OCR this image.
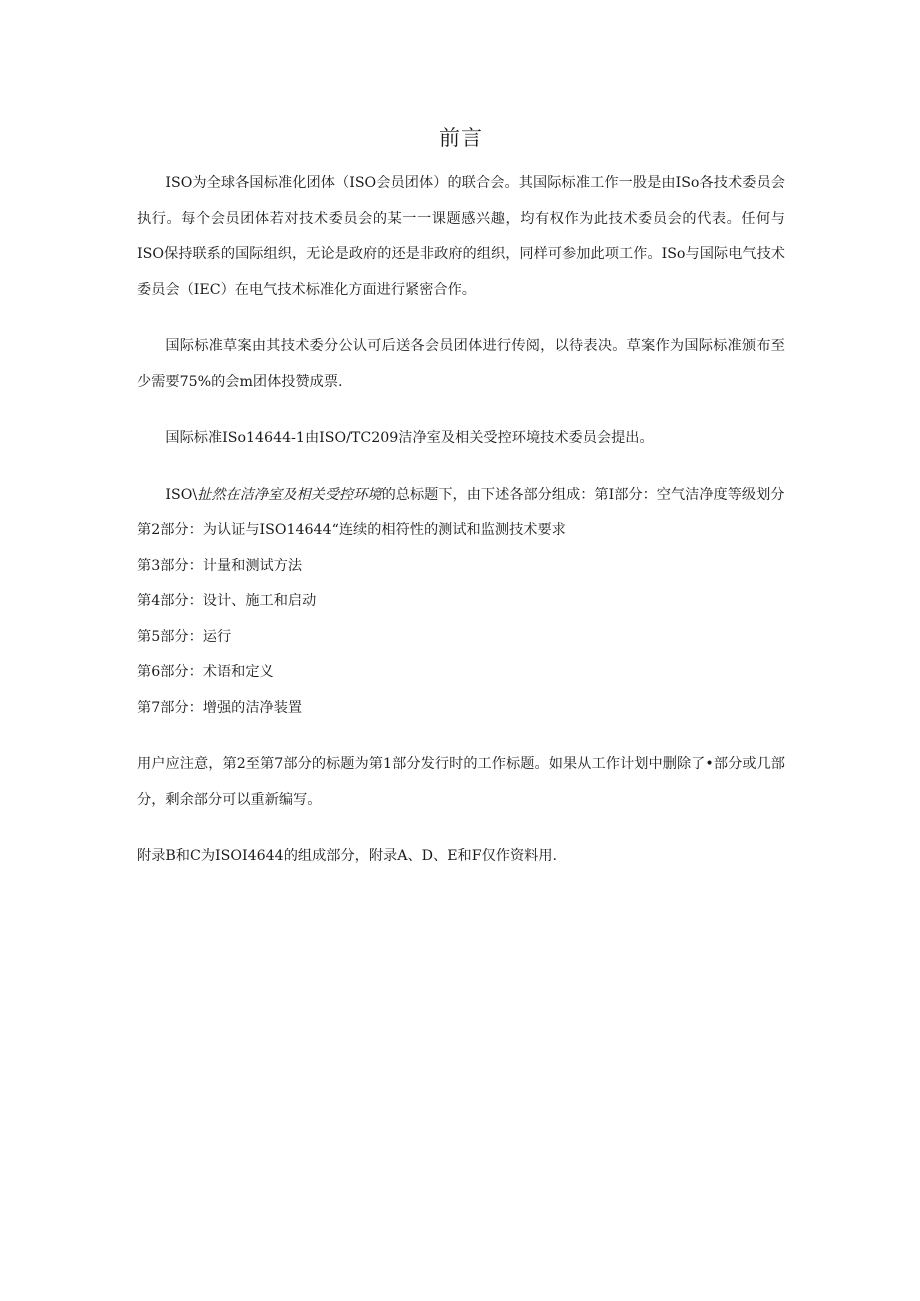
前言

ISO为全球各国标准化团体（ISO会员团体）的联合会。其国际标准工作一股是由ISo各技术委员会执行。每个会员团体若对技术委员会的某一一课题感兴趣，均有权作为此技术委员会的代表。任何与ISO保持联系的国际组织，无论是政府的还是非政府的组织，同样可参加此项工作。ISo与国际电气技术委员会（IEC）在电气技术标准化方面进行紧密合作。

国际标准草案由其技术委分公认可后送各会员团体进行传阅，以待表决。草案作为国际标准颁布至少需要75%的会m团体投赞成票.

国际标准ISo14644-1由ISO/TC209洁净室及相关受控环境技术委员会提出。

ISO\扯然在洁净室及相关受控环境的总标题下，由下述各部分组成：第I部分：空气洁净度等级划分

第2部分：为认证与ISO14644“连续的相符性的测试和监测技术要求

第3部分：计量和测试方法

第4部分：设计、施工和启动

第5部分：运行

第6部分：术语和定义

第7部分：增强的洁净装置

用户应注意，第2至第7部分的标题为第1部分发行时的工作标题。如果从工作计划中删除了•部分或几部分，剩余部分可以重新编写。

附录B和C为ISOI4644的组成部分，附录A、D、E和F仅作资料用.
